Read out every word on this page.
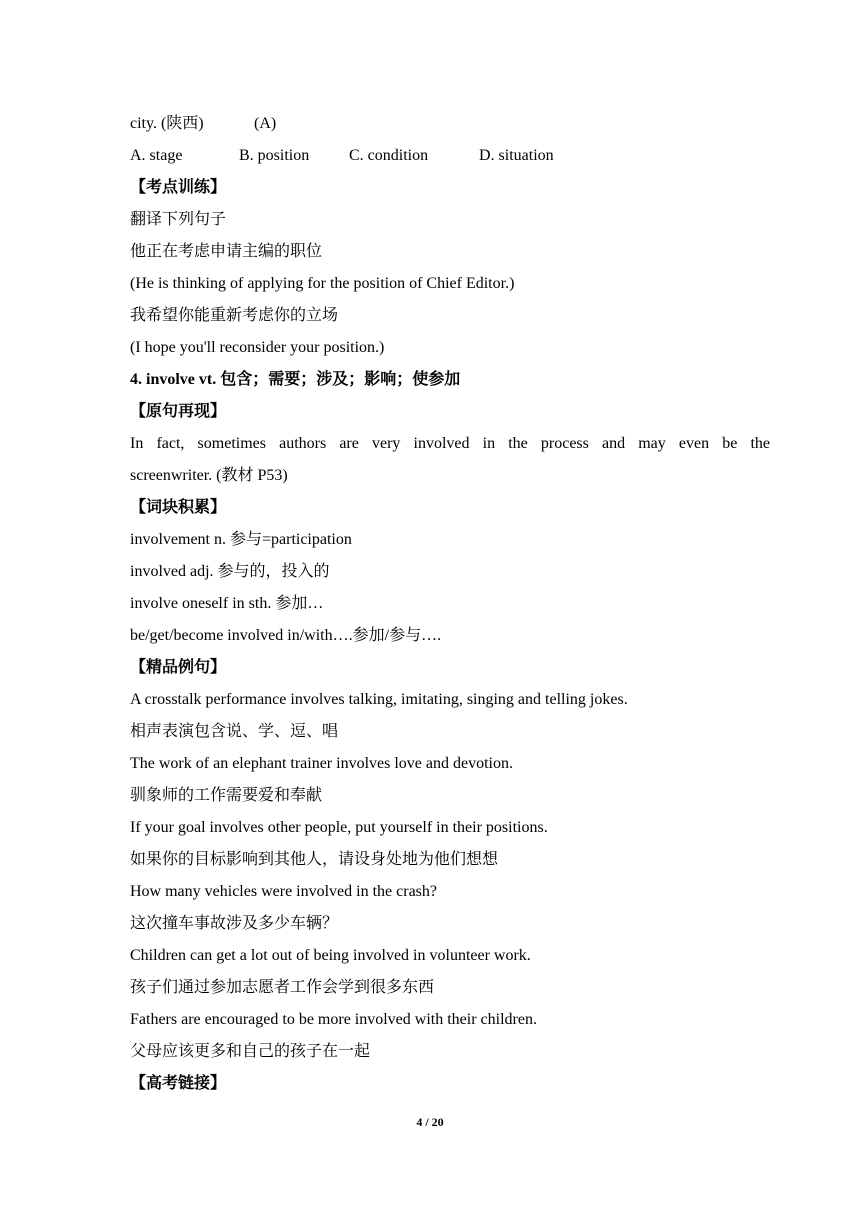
city. (陕西)	(A)
A. stage	B. position C. condition	D. situation
【考点训练】
翻译下列句子
他正在考虑申请主编的职位
(He is thinking of applying for the position of Chief Editor.)
我希望你能重新考虑你的立场
(I hope you'll reconsider your position.)
4. involve vt. 包含；需要；涉及；影响；使参加
【原句再现】
In fact, sometimes authors are very involved in the process and may even be the
screenwriter. (教材 P53)
【词块积累】
involvement n. 参与=participation
involved adj. 参与的，投入的
involve oneself in sth. 参加…
be/get/become involved in/with….参加/参与….
【精品例句】
A crosstalk performance involves talking, imitating, singing and telling jokes.
相声表演包含说、学、逗、唱
The work of an elephant trainer involves love and devotion.
驯象师的工作需要爱和奉献
If your goal involves other people, put yourself in their positions.
如果你的目标影响到其他人，请设身处地为他们想想
How many vehicles were involved in the crash?
这次撞车事故涉及多少车辆？
Children can get a lot out of being involved in volunteer work.
孩子们通过参加志愿者工作会学到很多东西
Fathers are encouraged to be more involved with their children.
父母应该更多和自己的孩子在一起
【高考链接】
4 / 20
